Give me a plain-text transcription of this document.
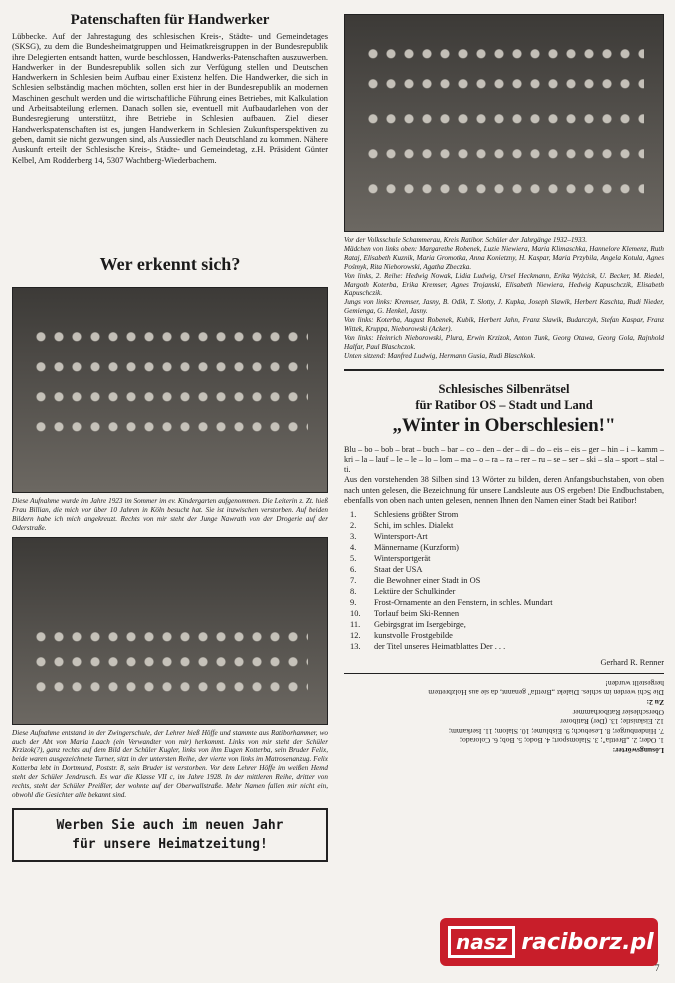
Patenschaften für Handwerker

Lübbecke. Auf der Jahrestagung des schlesischen Kreis-, Städte- und Gemeindetages (SKSG), zu dem die Bundesheimatgruppen und Heimatkreisgruppen in der Bundesrepublik ihre Delegierten entsandt hatten, wurde beschlossen, Handwerks-Patenschaften auszuwerben. Handwerker in der Bundesrepublik sollen sich zur Verfügung stellen und Deutschen Handwerkern in Schlesien beim Aufbau einer Existenz helfen. Die Handwerker, die sich in Schlesien selbständig machen möchten, sollen erst hier in der Bundesrepublik an modernen Maschinen geschult werden und die wirtschaftliche Führung eines Betriebes, mit Kalkulation und Arbeitsabteilung erlernen. Danach sollen sie, eventuell mit Aufbaudarlehen von der Bundesregierung unterstützt, ihre Betriebe in Schlesien aufbauen. Ziel dieser Handwerkspatenschaften ist es, jungen Handwerkern in Schlesien Zukunftsperspektiven zu geben, damit sie nicht gezwungen sind, als Aussiedler nach Deutschland zu kommen. Nähere Auskunft erteilt der Schlesische Kreis-, Städte- und Gemeindetag, z.H. Präsident Günter Kelbel, Am Rodderberg 14, 5307 Wachtberg-Wiederbachem.

Wer erkennt sich?

Diese Aufnahme wurde im Jahre 1923 im Sommer im ev. Kindergarten aufgenommen. Die Leiterin z. Zt. hieß Frau Billian, die mich vor über 10 Jahren in Köln besucht hat. Sie ist inzwischen verstorben. Auf beiden Bildern habe ich mich angekreuzt. Rechts von mir steht der Junge Nawrath von der Drogerie auf der Oderstraße.

Diese Aufnahme entstand in der Zwingerschule, der Lehrer hieß Höffe und stammte aus Ratiborhammer, wo auch der Abt von Maria Laach (ein Verwandter von mir) herkommt. Links von mir steht der Schüler Krzizok(?), ganz rechts auf dem Bild der Schüler Kugler, links von ihm Eugen Kotterba, sein Bruder Felix, beide waren ausgezeichnete Turner, sitzt in der untersten Reihe, der vierte von links im Matrosenanzug. Felix Kotterba lebt in Dortmund, Poststr. 8, sein Bruder ist verstorben. Vor dem Lehrer Höffe im weißen Hemd steht der Schüler Jendrusch. Es war die Klasse VII c, im Jahre 1928. In der mittleren Reihe, dritter von rechts, steht der Schüler Preißler, der wohnte auf der Oberwallstraße. Mehr Namen fallen mir nicht ein, obwohl die Gesichter alle bekannt sind.

Werben Sie auch im neuen Jahr
für unsere Heimatzeitung!
Vor der Volksschule Schammerau, Kreis Ratibor. Schüler der Jahrgänge 1932–1933.
Mädchen von links oben: Margarethe Robenek, Luzie Niewiera, Maria Klimaschka, Hannelore Klemenz, Ruth Rataj, Elisabeth Kuznik, Maria Gromotka, Anna Konietzny, H. Kaspar, Maria Przybila, Angela Kotula, Agnes Pośmyk, Rita Nieborowski, Agatha Zbeczka.
Von links, 2. Reihe: Hedwig Nowak, Lidia Ludwig, Ursel Heckmann, Erika Wyżcisk, U. Becker, M. Riedel, Margoth Koterba, Erika Kremser, Agnes Trojanski, Elisabeth Niewiera, Hedwig Kapuschczik, Elisabeth Kapuschczik.
Jungs von links: Kremser, Jasny, B. Odik, T. Slotty, J. Kupka, Joseph Slawik, Herbert Kaschta, Rudi Nieder, Gemienga, G. Henkel, Jasny.
Von links: Koterba, August Robenek, Kubik, Herbert Jahn, Franz Slawik, Budarczyk, Stefan Kaspar, Franz Wittek, Kruppa, Nieborowski (Acker).
Von links: Heinrich Nieborowski, Plura, Erwin Krzizok, Anton Tunk, Georg Otawa, Georg Gola, Rajnhold Halfar, Paul Blaschczok.
Unten sitzend: Manfred Ludwig, Hermann Gusia, Rudi Blaschkok.
Schlesisches Silbenrätsel
für Ratibor OS – Stadt und Land
„Winter in Oberschlesien!"

Blu – bo – bob – brat – buch – bar – co – den – der – di – do – eis – eis – ger – hin – i – kamm – kri – la – lauf – le – le – lo – lom – ma – o – ra – ra – rer – ru – se – ser – ski – sla – sport – stal – ti.

Aus den vorstehenden 38 Silben sind 13 Wörter zu bilden, deren Anfangsbuchstaben, von oben nach unten gelesen, die Bezeichnung für unsere Landsleute aus OS ergeben! Die Endbuchstaben, ebenfalls von oben nach unten gelesen, nennen Ihnen den Namen einer Stadt bei Ratibor!

1.	Schlesiens größter Strom
2.	Schi, im schles. Dialekt
3.	Wintersport-Art
4.	Männername (Kurzform)
5.	Wintersportgerät
6.	Staat der USA
7.	die Bewohner einer Stadt in OS
8.	Lektüre der Schulkinder
9.	Frost-Ornamente an den Fenstern, in schles. Mundart
10.	Torlauf beim Ski-Rennen
11.	Gebirgsgrat im Isergebirge,
12.	kunstvolle Frostgebilde
13.	der Titel unseres Heimatblattes Der . . .
Gerhard R. Renner
Lösungswörter:
1. Oder; 2. „Brettla"; 3. Slalomsport; 4. Bodo; 5. Bob; 6. Colorado;
7. Hindenburger; 8. Lesebuch; 9. Eisblume; 10. Slalom; 11. Iserkamm;
12. Eisknistle; 13. (Der) Ratiborer
Oberschlesier Ratiborhammer
Zu 2:
Die Schi werden im schles. Dialekt „Brettla" genannt, da sie aus Holzbrettern
hergestellt wurden!
nasz raciborz.pl
7
